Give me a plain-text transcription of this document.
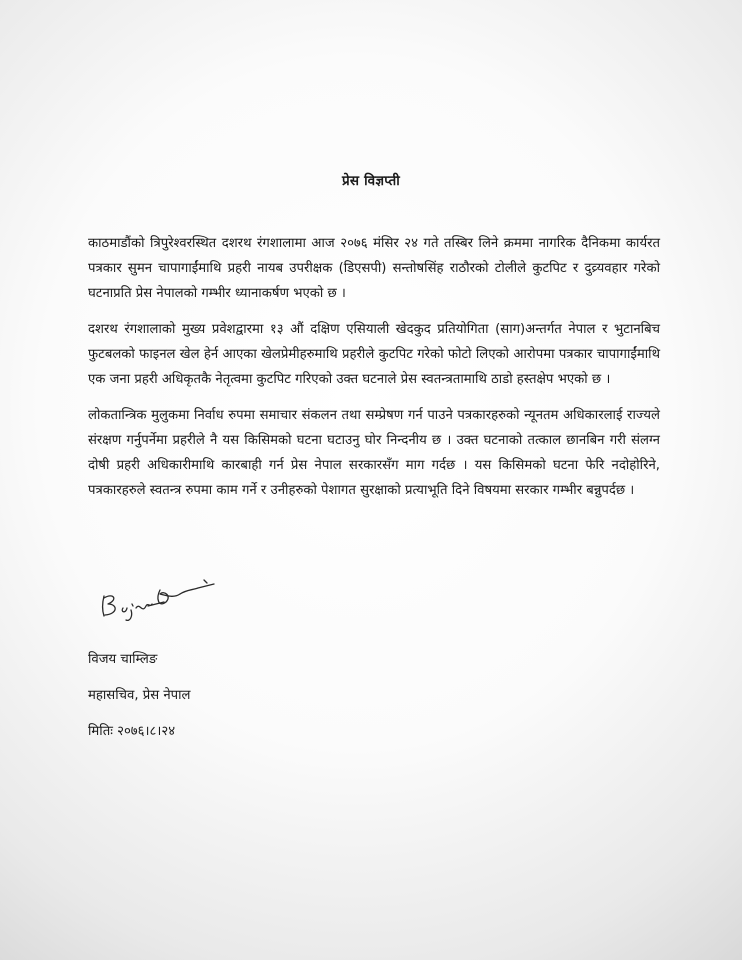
प्रेस विज्ञप्ती

काठमाडौंको त्रिपुरेश्वरस्थित दशरथ रंगशालामा आज २०७६ मंसिर २४ गते तस्बिर लिने क्रममा नागरिक दैनिकमा कार्यरत पत्रकार सुमन चापागाईंमाथि प्रहरी नायब उपरीक्षक (डिएसपी) सन्तोषसिंह राठौरको टोलीले कुटपिट र दुव्र्यवहार गरेको घटनाप्रति प्रेस नेपालको गम्भीर ध्यानाकर्षण भएको छ ।

दशरथ रंगशालाको मुख्य प्रवेशद्वारमा १३ औं दक्षिण एसियाली खेदकुद प्रतियोगिता (साग)अन्तर्गत नेपाल र भुटानबिच फुटबलको फाइनल खेल हेर्न आएका खेलप्रेमीहरुमाथि प्रहरीले कुटपिट गरेको फोटो लिएको आरोपमा पत्रकार चापागाईंमाथि एक जना प्रहरी अधिकृतकै नेतृत्वमा कुटपिट गरिएको उक्त घटनाले प्रेस स्वतन्त्रतामाथि ठाडो हस्तक्षेप भएको छ ।

लोकतान्त्रिक मुलुकमा निर्वाध रुपमा समाचार संकलन तथा सम्प्रेषण गर्न पाउने पत्रकारहरुको न्यूनतम अधिकारलाई राज्यले संरक्षण गर्नुपर्नेमा प्रहरीले नै यस किसिमको घटना घटाउनु घोर निन्दनीय छ । उक्त घटनाको तत्काल छानबिन गरी संलग्न दोषी प्रहरी अधिकारीमाथि कारबाही गर्न प्रेस नेपाल सरकारसँग माग गर्दछ । यस किसिमको घटना फेरि नदोहोरिने, पत्रकारहरुले स्वतन्त्र रुपमा काम गर्ने र उनीहरुको पेशागत सुरक्षाको प्रत्याभूति दिने विषयमा सरकार गम्भीर बन्नुपर्दछ ।

विजय चाम्लिङ
महासचिव, प्रेस नेपाल
मितिः २०७६।८।२४
